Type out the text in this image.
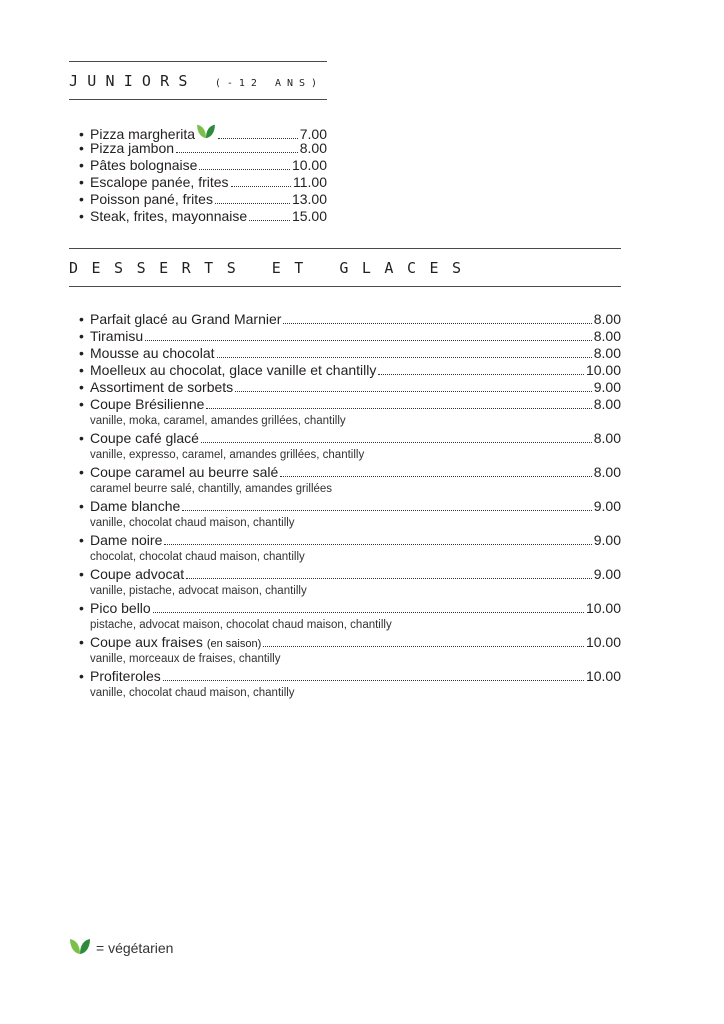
JUNIORS (-12 ANS)
• Pizza margherita	7.00
• Pizza jambon	8.00
• Pâtes bolognaise	10.00
• Escalope panée, frites	11.00
• Poisson pané, frites	13.00
• Steak, frites, mayonnaise	15.00
DESSERTS ET GLACES
• Parfait glacé au Grand Marnier	8.00
• Tiramisu	8.00
• Mousse au chocolat	8.00
• Moelleux au chocolat, glace vanille et chantilly	10.00
• Assortiment de sorbets	9.00
• Coupe Brésilienne	8.00
vanille, moka, caramel, amandes grillées, chantilly
• Coupe café glacé	8.00
vanille, expresso, caramel, amandes grillées, chantilly
• Coupe caramel au beurre salé	8.00
caramel beurre salé, chantilly, amandes grillées
• Dame blanche	9.00
vanille, chocolat chaud maison, chantilly
• Dame noire	9.00
chocolat, chocolat chaud maison, chantilly
• Coupe advocat	9.00
vanille, pistache, advocat maison, chantilly
• Pico bello	10.00
pistache, advocat maison, chocolat chaud maison, chantilly
• Coupe aux fraises (en saison)	10.00
vanille, morceaux de fraises, chantilly
• Profiteroles	10.00
vanille, chocolat chaud maison, chantilly
= végétarien
